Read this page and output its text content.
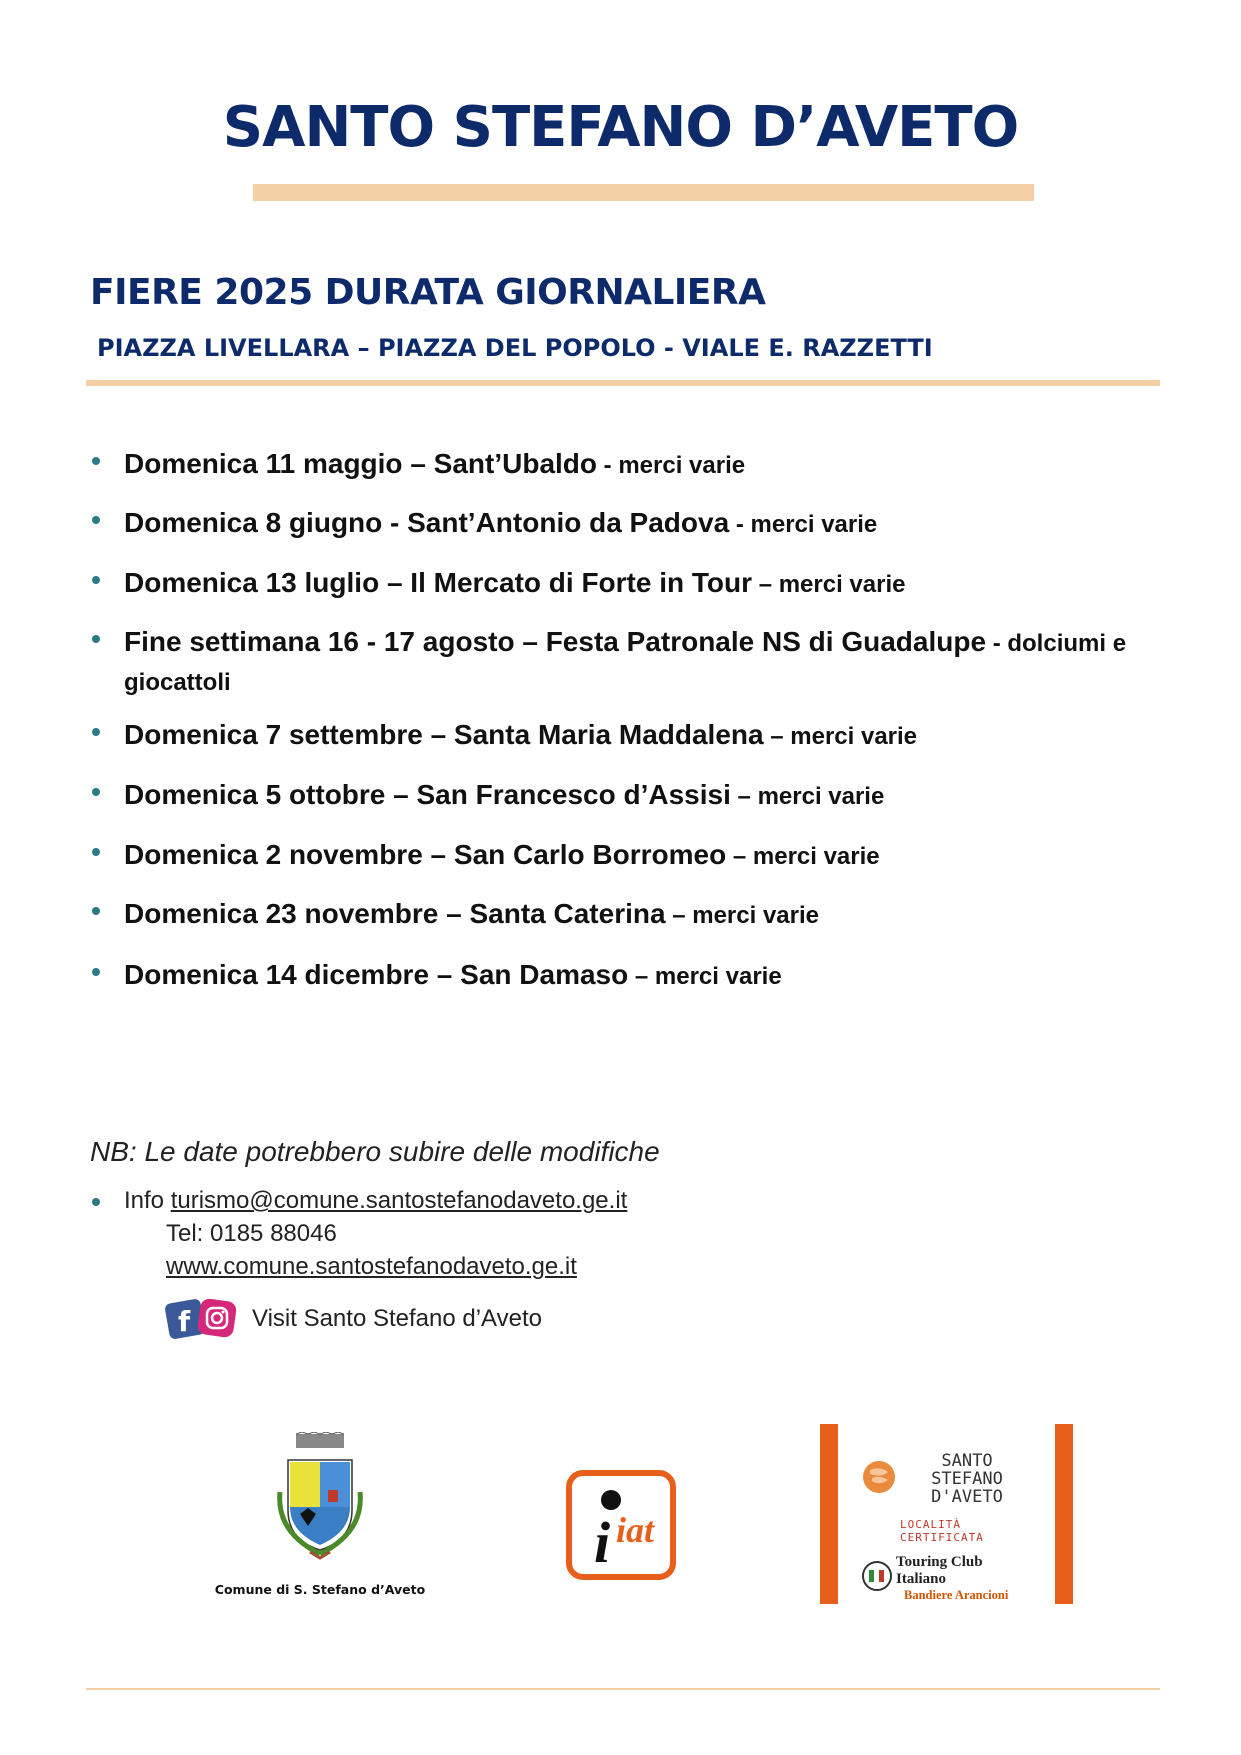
SANTO STEFANO D’AVETO
FIERE 2025 DURATA GIORNALIERA
PIAZZA LIVELLARA – PIAZZA DEL POPOLO - VIALE E. RAZZETTI
Domenica 11 maggio – Sant’Ubaldo - merci varie
Domenica 8 giugno - Sant’Antonio da Padova - merci varie
Domenica 13 luglio – Il Mercato di Forte in Tour – merci varie
Fine settimana 16 - 17 agosto – Festa Patronale NS di Guadalupe - dolciumi e giocattoli
Domenica 7 settembre – Santa Maria Maddalena – merci varie
Domenica 5 ottobre – San Francesco d’Assisi – merci varie
Domenica 2 novembre – San Carlo Borromeo – merci varie
Domenica 23 novembre – Santa Caterina – merci varie
Domenica 14 dicembre – San Damaso – merci varie
NB: Le date potrebbero subire delle modifiche
Info turismo@comune.santostefanodaveto.ge.it
Tel: 0185 88046
www.comune.santostefanodaveto.ge.it
f	Visit Santo Stefano d’Aveto
Comune di S. Stefano d’Aveto
i iat
SANTO STEFANO
D'AVETO
LOCALITÀ CERTIFICATA
Touring Club Italiano
Bandiere Arancioni
